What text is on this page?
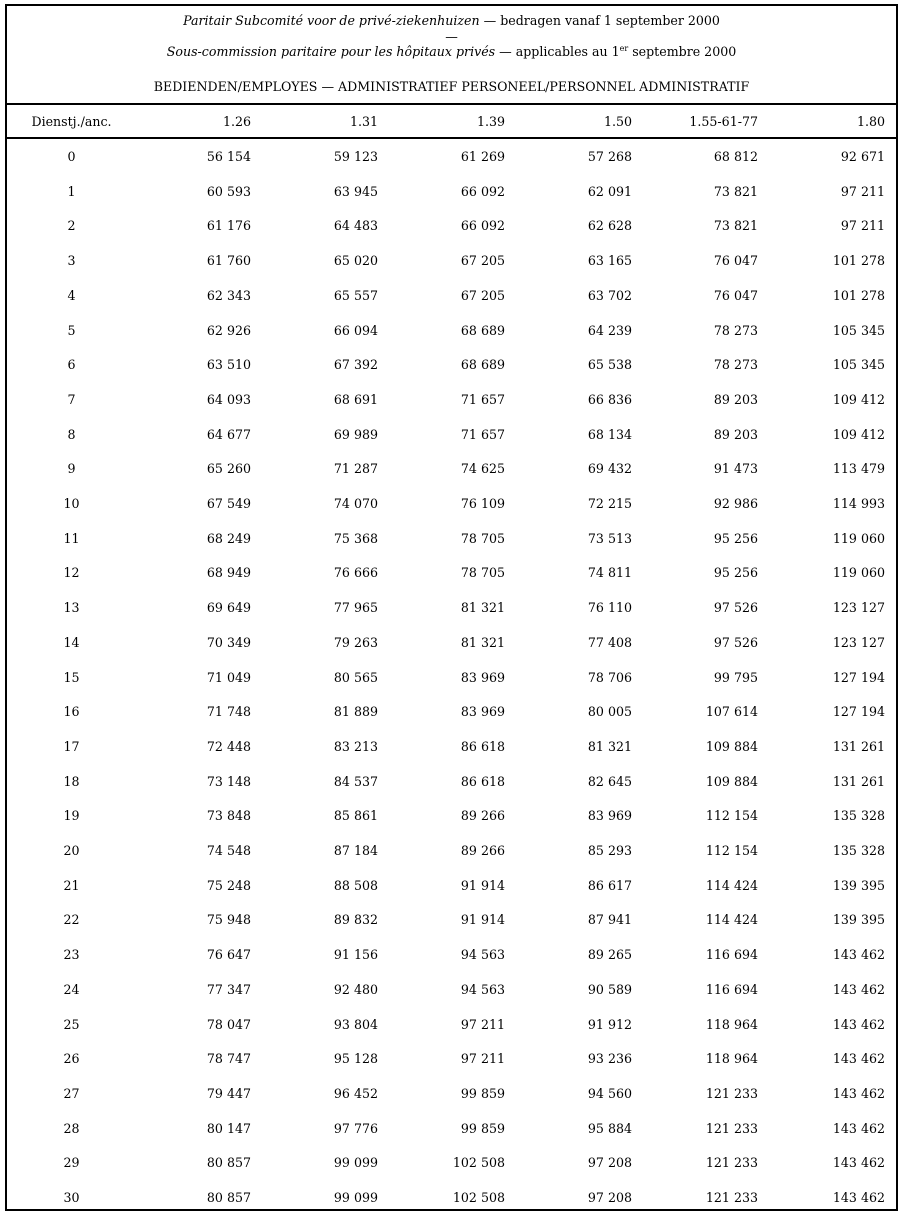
Paritair Subcomité voor de privé-ziekenhuizen — bedragen vanaf 1 september 2000
—
Sous-commission paritaire pour les hôpitaux privés — applicables au 1er septembre 2000
BEDIENDEN/EMPLOYES — ADMINISTRATIEF PERSONEEL/PERSONNEL ADMINISTRATIF
Dienstj./anc.	1.26	1.31	1.39	1.50	1.55-61-77	1.80
0	56 154	59 123	61 269	57 268	68 812	92 671
1	60 593	63 945	66 092	62 091	73 821	97 211
2	61 176	64 483	66 092	62 628	73 821	97 211
3	61 760	65 020	67 205	63 165	76 047	101 278
4	62 343	65 557	67 205	63 702	76 047	101 278
5	62 926	66 094	68 689	64 239	78 273	105 345
6	63 510	67 392	68 689	65 538	78 273	105 345
7	64 093	68 691	71 657	66 836	89 203	109 412
8	64 677	69 989	71 657	68 134	89 203	109 412
9	65 260	71 287	74 625	69 432	91 473	113 479
10	67 549	74 070	76 109	72 215	92 986	114 993
11	68 249	75 368	78 705	73 513	95 256	119 060
12	68 949	76 666	78 705	74 811	95 256	119 060
13	69 649	77 965	81 321	76 110	97 526	123 127
14	70 349	79 263	81 321	77 408	97 526	123 127
15	71 049	80 565	83 969	78 706	99 795	127 194
16	71 748	81 889	83 969	80 005	107 614	127 194
17	72 448	83 213	86 618	81 321	109 884	131 261
18	73 148	84 537	86 618	82 645	109 884	131 261
19	73 848	85 861	89 266	83 969	112 154	135 328
20	74 548	87 184	89 266	85 293	112 154	135 328
21	75 248	88 508	91 914	86 617	114 424	139 395
22	75 948	89 832	91 914	87 941	114 424	139 395
23	76 647	91 156	94 563	89 265	116 694	143 462
24	77 347	92 480	94 563	90 589	116 694	143 462
25	78 047	93 804	97 211	91 912	118 964	143 462
26	78 747	95 128	97 211	93 236	118 964	143 462
27	79 447	96 452	99 859	94 560	121 233	143 462
28	80 147	97 776	99 859	95 884	121 233	143 462
29	80 857	99 099	102 508	97 208	121 233	143 462
30	80 857	99 099	102 508	97 208	121 233	143 462
